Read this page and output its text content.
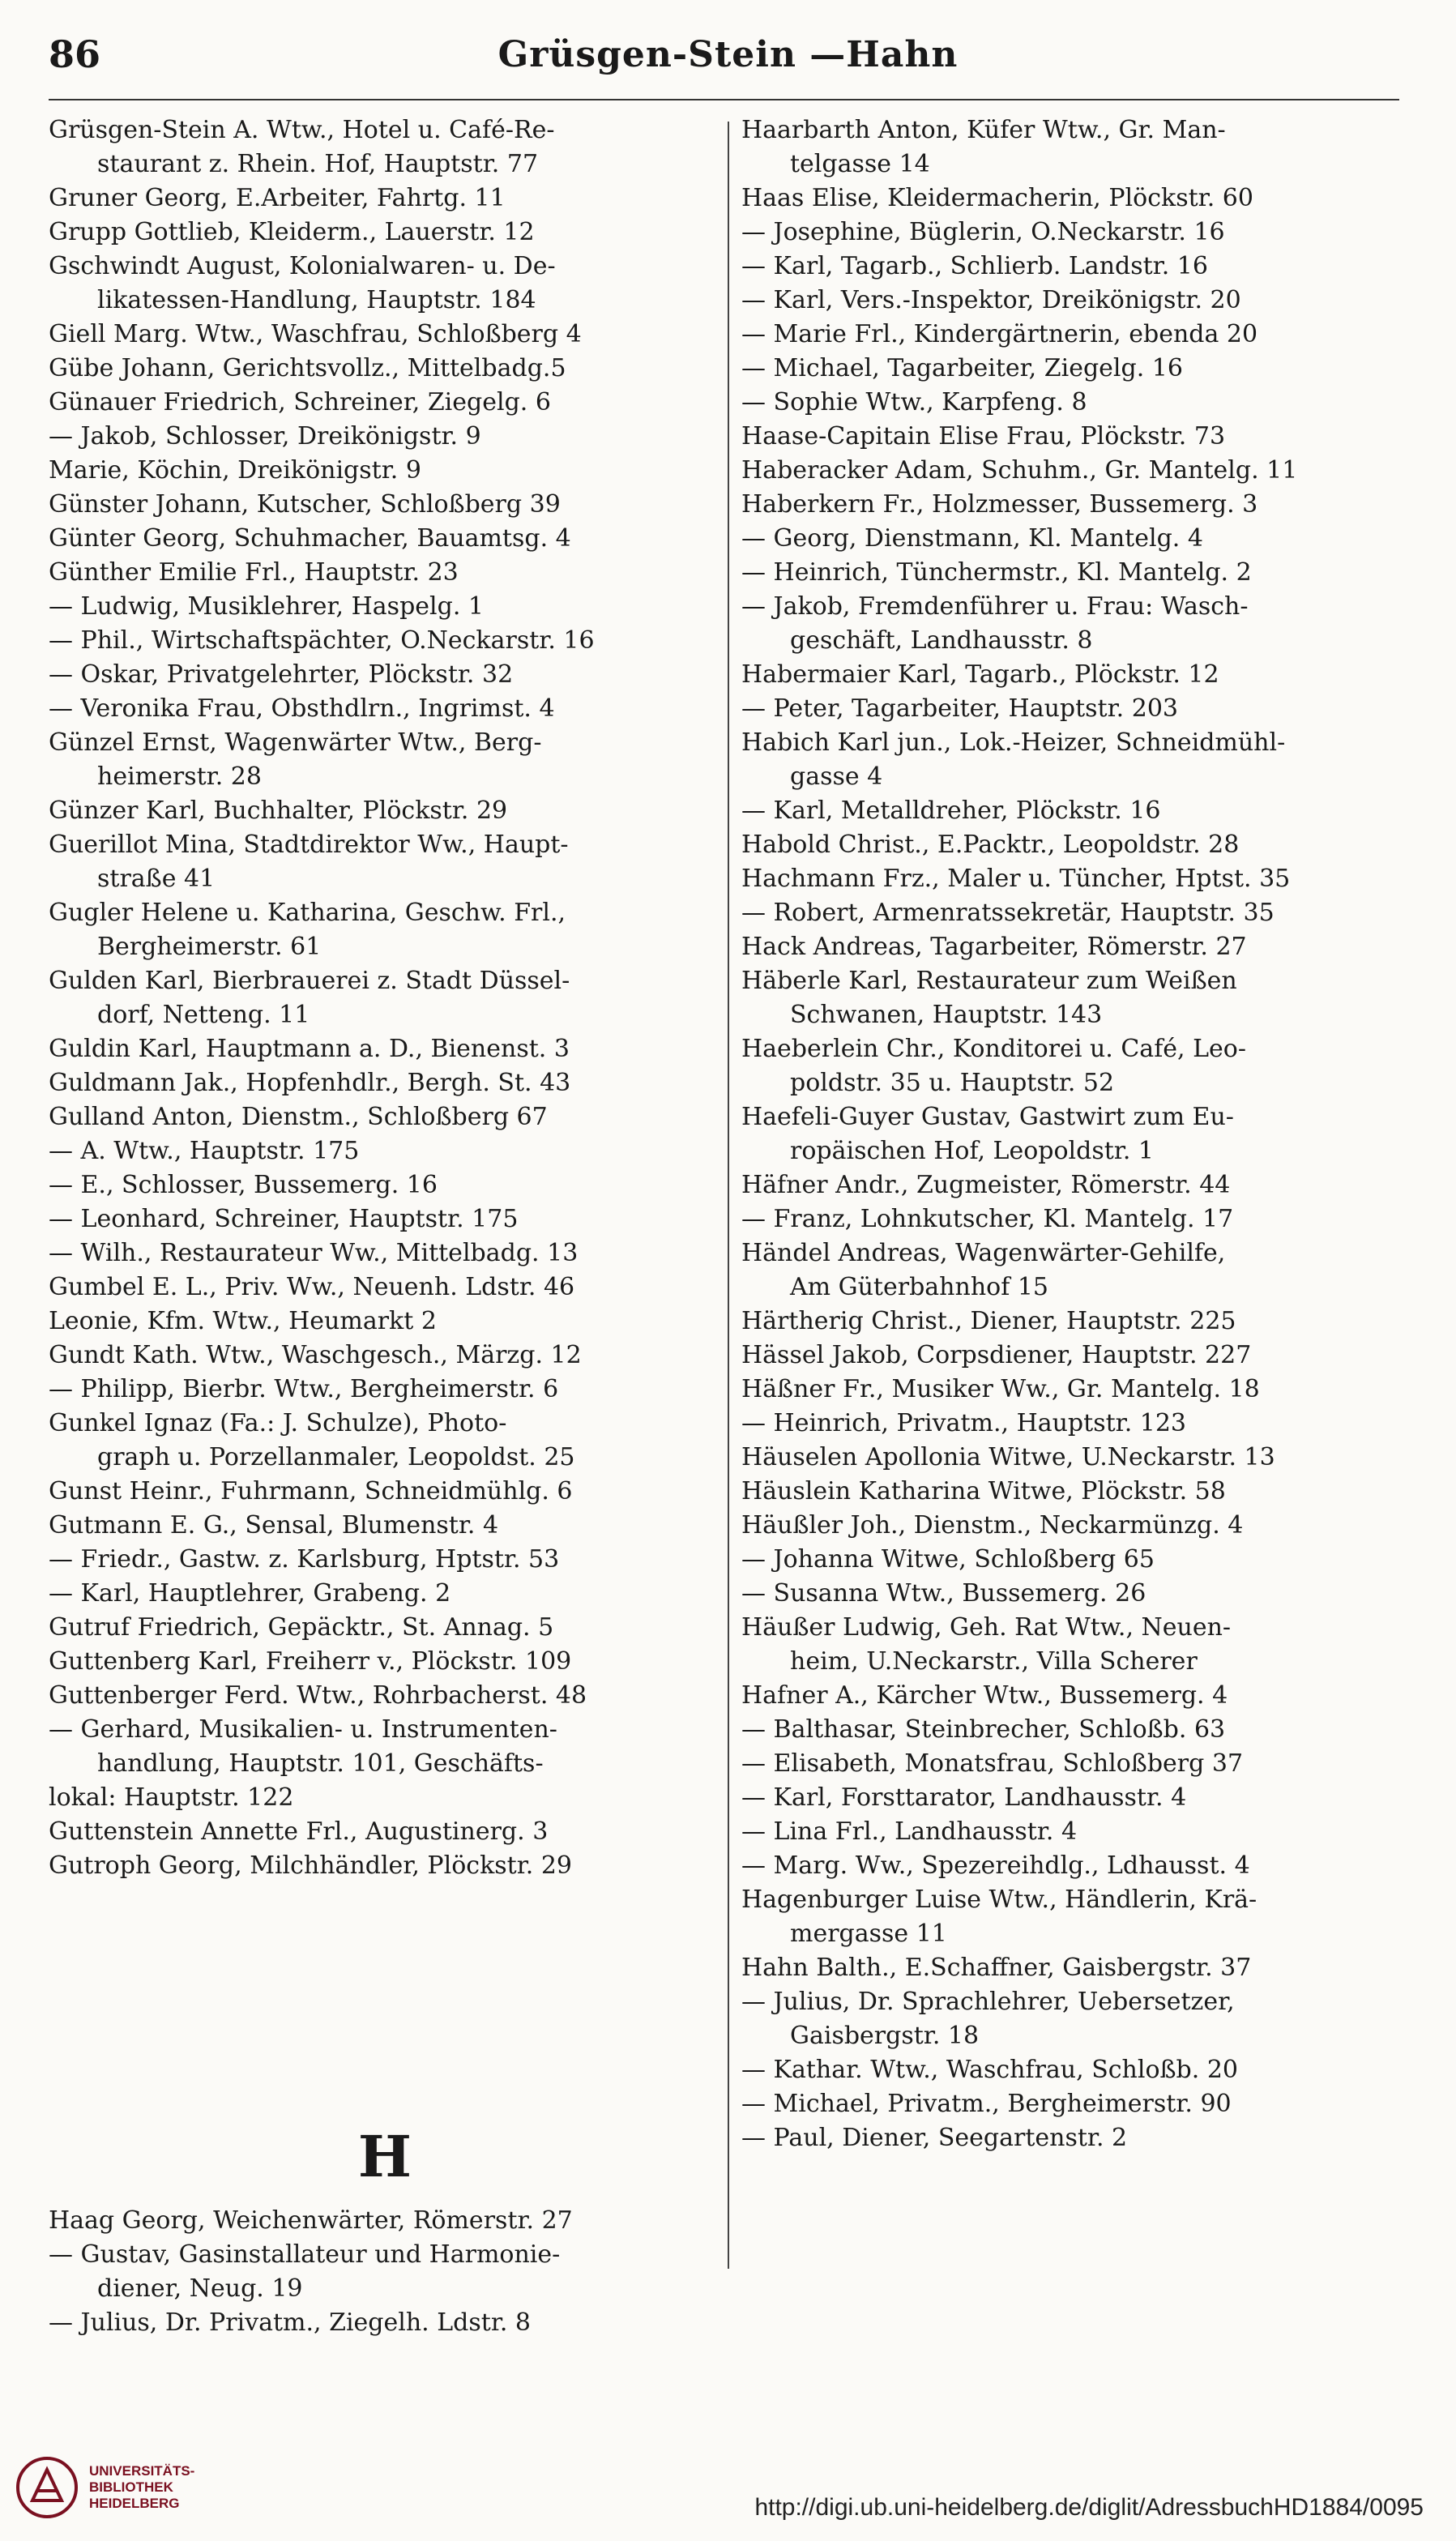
86	Grüsgen-Stein —Hahn

Grüsgen-Stein A. Wtw., Hotel u. Café-Re-
staurant z. Rhein. Hof, Hauptstr. 77

Gruner Georg, E.Arbeiter, Fahrtg. 11

Grupp Gottlieb, Kleiderm., Lauerstr. 12

Gschwindt August, Kolonialwaren- u. De-
likatessen-Handlung, Hauptstr. 184

Giell Marg. Wtw., Waschfrau, Schloßberg 4

Gübe Johann, Gerichtsvollz., Mittelbadg.5

Günauer Friedrich, Schreiner, Ziegelg. 6

— Jakob, Schlosser, Dreikönigstr. 9

Marie, Köchin, Dreikönigstr. 9

Günster Johann, Kutscher, Schloßberg 39

Günter Georg, Schuhmacher, Bauamtsg. 4

Günther Emilie Frl., Hauptstr. 23

— Ludwig, Musiklehrer, Haspelg. 1

— Phil., Wirtschaftspächter, O.Neckarstr. 16

— Oskar, Privatgelehrter, Plöckstr. 32

— Veronika Frau, Obsthdlrn., Ingrimst. 4

Günzel Ernst, Wagenwärter Wtw., Berg-
heimerstr. 28

Günzer Karl, Buchhalter, Plöckstr. 29

Guerillot Mina, Stadtdirektor Ww., Haupt-
straße 41

Gugler Helene u. Katharina, Geschw. Frl.,
Bergheimerstr. 61

Gulden Karl, Bierbrauerei z. Stadt Düssel-
dorf, Netteng. 11

Guldin Karl, Hauptmann a. D., Bienenst. 3

Guldmann Jak., Hopfenhdlr., Bergh. St. 43

Gulland Anton, Dienstm., Schloßberg 67

— A. Wtw., Hauptstr. 175

— E., Schlosser, Bussemerg. 16

— Leonhard, Schreiner, Hauptstr. 175

— Wilh., Restaurateur Ww., Mittelbadg. 13

Gumbel E. L., Priv. Ww., Neuenh. Ldstr. 46

Leonie, Kfm. Wtw., Heumarkt 2

Gundt Kath. Wtw., Waschgesch., Märzg. 12

— Philipp, Bierbr. Wtw., Bergheimerstr. 6

Gunkel Ignaz (Fa.: J. Schulze), Photo-
graph u. Porzellanmaler, Leopoldst. 25

Gunst Heinr., Fuhrmann, Schneidmühlg. 6

Gutmann E. G., Sensal, Blumenstr. 4

— Friedr., Gastw. z. Karlsburg, Hptstr. 53

— Karl, Hauptlehrer, Grabeng. 2

Gutruf Friedrich, Gepäcktr., St. Annag. 5

Guttenberg Karl, Freiherr v., Plöckstr. 109

Guttenberger Ferd. Wtw., Rohrbacherst. 48

— Gerhard, Musikalien- u. Instrumenten-
handlung, Hauptstr. 101, Geschäfts-

lokal: Hauptstr. 122

Guttenstein Annette Frl., Augustinerg. 3

Gutroph Georg, Milchhändler, Plöckstr. 29

H

Haag Georg, Weichenwärter, Römerstr. 27

— Gustav, Gasinstallateur und Harmonie-
diener, Neug. 19

— Julius, Dr. Privatm., Ziegelh. Ldstr. 8

Haarbarth Anton, Küfer Wtw., Gr. Man-
telgasse 14

Haas Elise, Kleidermacherin, Plöckstr. 60

— Josephine, Büglerin, O.Neckarstr. 16

— Karl, Tagarb., Schlierb. Landstr. 16

— Karl, Vers.-Inspektor, Dreikönigstr. 20

— Marie Frl., Kindergärtnerin, ebenda 20

— Michael, Tagarbeiter, Ziegelg. 16

— Sophie Wtw., Karpfeng. 8

Haase-Capitain Elise Frau, Plöckstr. 73

Haberacker Adam, Schuhm., Gr. Mantelg. 11

Haberkern Fr., Holzmesser, Bussemerg. 3

— Georg, Dienstmann, Kl. Mantelg. 4

— Heinrich, Tünchermstr., Kl. Mantelg. 2

— Jakob, Fremdenführer u. Frau: Wasch-
geschäft, Landhausstr. 8

Habermaier Karl, Tagarb., Plöckstr. 12

— Peter, Tagarbeiter, Hauptstr. 203

Habich Karl jun., Lok.-Heizer, Schneidmühl-
gasse 4

— Karl, Metalldreher, Plöckstr. 16

Habold Christ., E.Packtr., Leopoldstr. 28

Hachmann Frz., Maler u. Tüncher, Hptst. 35

— Robert, Armenratssekretär, Hauptstr. 35

Hack Andreas, Tagarbeiter, Römerstr. 27

Häberle Karl, Restaurateur zum Weißen
Schwanen, Hauptstr. 143

Haeberlein Chr., Konditorei u. Café, Leo-
poldstr. 35 u. Hauptstr. 52

Haefeli-Guyer Gustav, Gastwirt zum Eu-
ropäischen Hof, Leopoldstr. 1

Häfner Andr., Zugmeister, Römerstr. 44

— Franz, Lohnkutscher, Kl. Mantelg. 17

Händel Andreas, Wagenwärter-Gehilfe,
Am Güterbahnhof 15

Härtherig Christ., Diener, Hauptstr. 225

Hässel Jakob, Corpsdiener, Hauptstr. 227

Häßner Fr., Musiker Ww., Gr. Mantelg. 18

— Heinrich, Privatm., Hauptstr. 123

Häuselen Apollonia Witwe, U.Neckarstr. 13

Häuslein Katharina Witwe, Plöckstr. 58

Häußler Joh., Dienstm., Neckarmünzg. 4

— Johanna Witwe, Schloßberg 65

— Susanna Wtw., Bussemerg. 26

Häußer Ludwig, Geh. Rat Wtw., Neuen-
heim, U.Neckarstr., Villa Scherer

Hafner A., Kärcher Wtw., Bussemerg. 4

— Balthasar, Steinbrecher, Schloßb. 63

— Elisabeth, Monatsfrau, Schloßberg 37

— Karl, Forsttarator, Landhausstr. 4

— Lina Frl., Landhausstr. 4

— Marg. Ww., Spezereihdlg., Ldhausst. 4

Hagenburger Luise Wtw., Händlerin, Krä-
mergasse 11

Hahn Balth., E.Schaffner, Gaisbergstr. 37

— Julius, Dr. Sprachlehrer, Uebersetzer,
Gaisbergstr. 18

— Kathar. Wtw., Waschfrau, Schloßb. 20

— Michael, Privatm., Bergheimerstr. 90

— Paul, Diener, Seegartenstr. 2

UNIVERSITÄTS-
BIBLIOTHEK
HEIDELBERG	http://digi.ub.uni-heidelberg.de/diglit/AdressbuchHD1884/0095
